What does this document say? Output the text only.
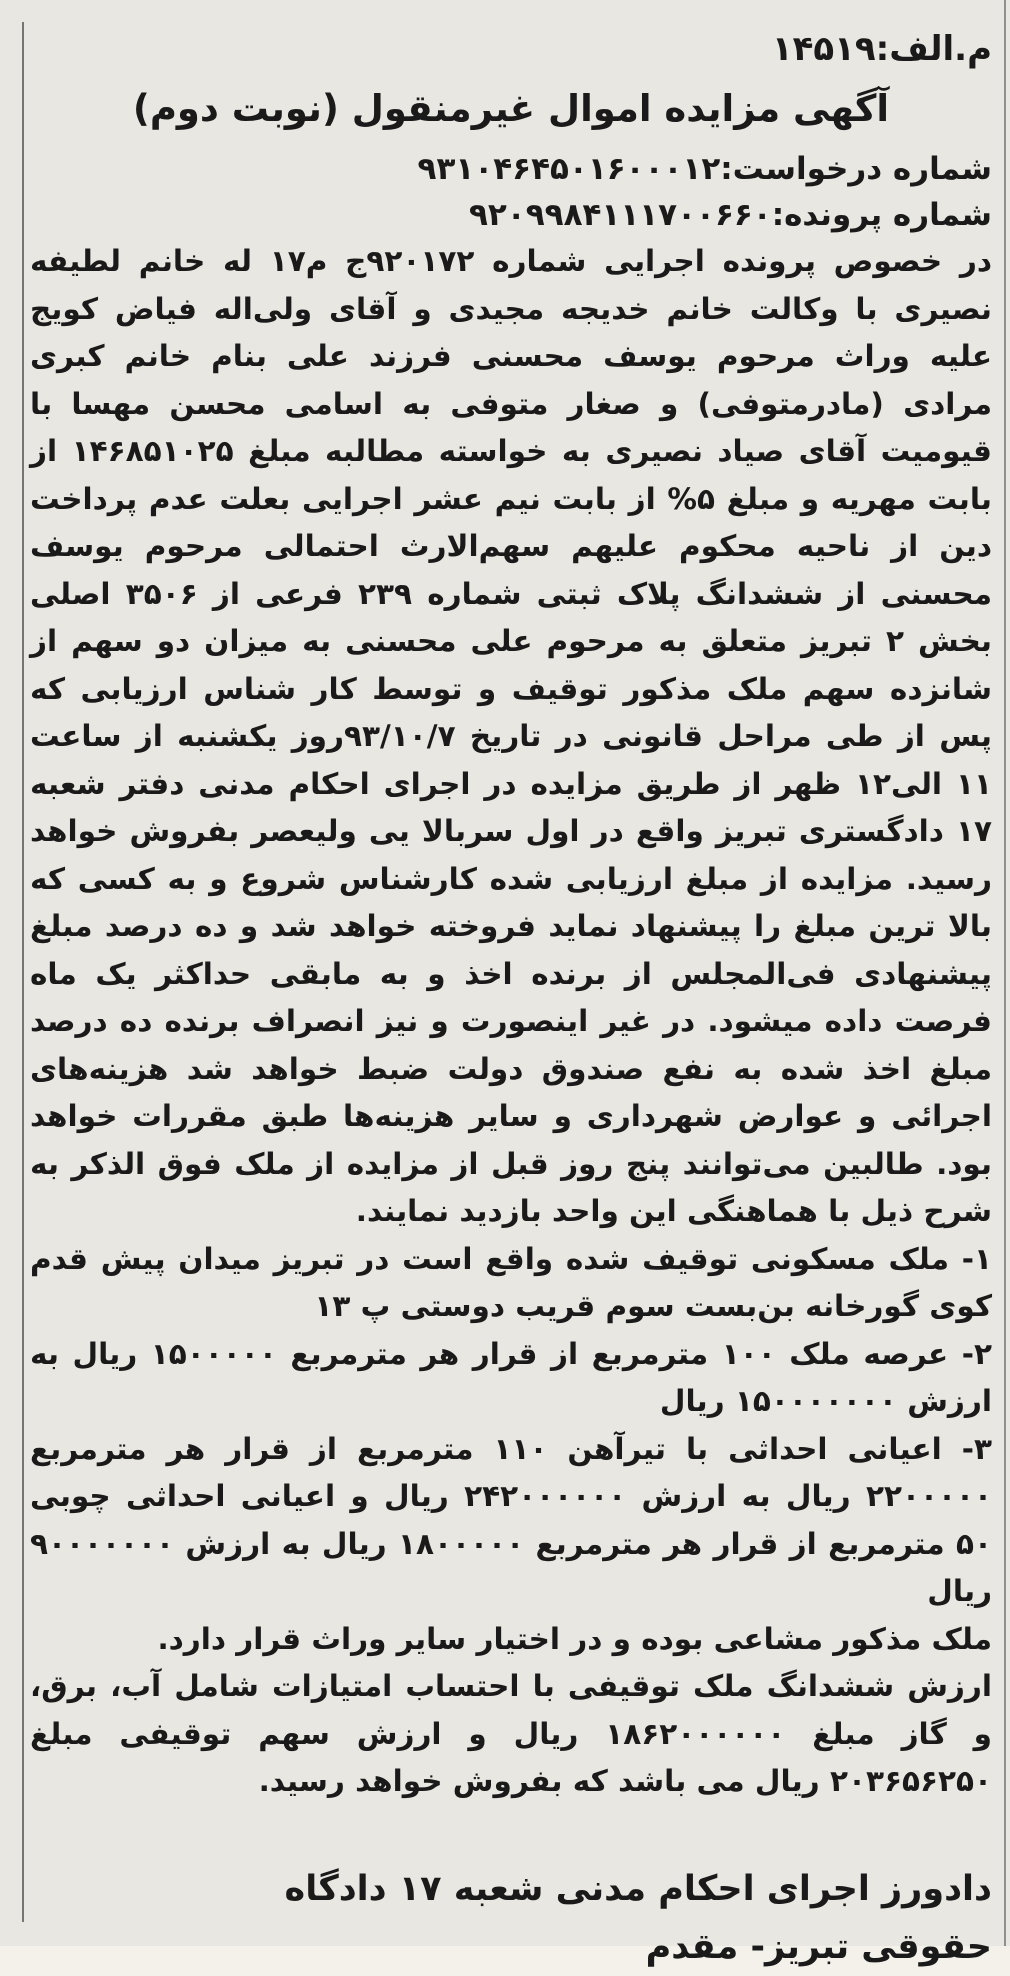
م.الف:۱۴۵۱۹
آگهی مزایده اموال غیرمنقول (نوبت دوم)
شماره درخواست:۹۳۱۰۴۶۴۵۰۱۶۰۰۰۱۲
شماره پرونده:۹۲۰۹۹۸۴۱۱۱۷۰۰۶۶۰

در خصوص پرونده اجرایی شماره ۹۲۰۱۷۲ج م۱۷ له خانم لطیفه نصیری با وکالت خانم خدیجه مجیدی و آقای ولی‌اله فیاض کویج علیه وراث مرحوم یوسف محسنی فرزند علی بنام خانم کبری مرادی (مادرمتوفی) و صغار متوفی به اسامی محسن مهسا با قیومیت آقای صیاد نصیری به خواسته مطالبه مبلغ ۱۴۶۸۵۱۰۲۵ از بابت مهریه و مبلغ ۵% از بابت نیم عشر اجرایی بعلت عدم پرداخت دین از ناحیه محکوم علیهم سهم‌الارث احتمالی مرحوم یوسف محسنی از ششدانگ پلاک ثبتی شماره ۲۳۹ فرعی از ۳۵۰۶ اصلی بخش ۲ تبریز متعلق به مرحوم علی محسنی به میزان دو سهم از شانزده سهم ملک مذکور توقیف و توسط کار شناس ارزیابی که پس از طی مراحل قانونی در تاریخ ۹۳/۱۰/۷روز یکشنبه از ساعت ۱۱ الی۱۲ ظهر از طریق مزایده در اجرای احکام مدنی دفتر شعبه ۱۷ دادگستری تبریز واقع در اول سربالا یی ولیعصر بفروش خواهد رسید. مزایده از مبلغ ارزیابی شده کارشناس شروع و به کسی که بالا ترین مبلغ را پیشنهاد نماید فروخته خواهد شد و ده درصد مبلغ پیشنهادی فی‌المجلس از برنده اخذ و به مابقی حداکثر یک ماه فرصت داده میشود. در غیر اینصورت و نیز انصراف برنده ده درصد مبلغ اخذ شده به نفع صندوق دولت ضبط خواهد شد هزینه‌های اجرائی و عوارض شهرداری و سایر هزینه‌ها طبق مقررات خواهد بود. طالبین می‌توانند پنج روز قبل از مزایده از ملک فوق الذکر به شرح ذیل با هماهنگی این واحد بازدید نمایند.

۱- ملک مسکونی توقیف شده واقع است در تبریز میدان پیش قدم کوی گورخانه بن‌بست سوم قریب دوستی پ ۱۳

۲- عرصه ملک ۱۰۰ مترمربع از قرار هر مترمربع ۱۵۰۰۰۰۰ ریال به ارزش ۱۵۰۰۰۰۰۰۰ ریال

۳- اعیانی احداثی با تیرآهن ۱۱۰ مترمربع از قرار هر مترمربع ۲۲۰۰۰۰۰ ریال به ارزش ۲۴۲۰۰۰۰۰۰ ریال و اعیانی احداثی چوبی ۵۰ مترمربع از قرار هر مترمربع ۱۸۰۰۰۰۰ ریال به ارزش ۹۰۰۰۰۰۰۰ ریال

ملک مذکور مشاعی بوده و در اختیار سایر وراث قرار دارد.

ارزش ششدانگ ملک توقیفی با احتساب امتیازات شامل آب، برق، و گاز مبلغ ۱۸۶۲۰۰۰۰۰۰ ریال و ارزش سهم توقیفی مبلغ ۲۰۳۶۵۶۲۵۰ ریال می باشد که بفروش خواهد رسید.

دادورز اجرای احکام مدنی شعبه ۱۷ دادگاه
حقوقی تبریز- مقدم
